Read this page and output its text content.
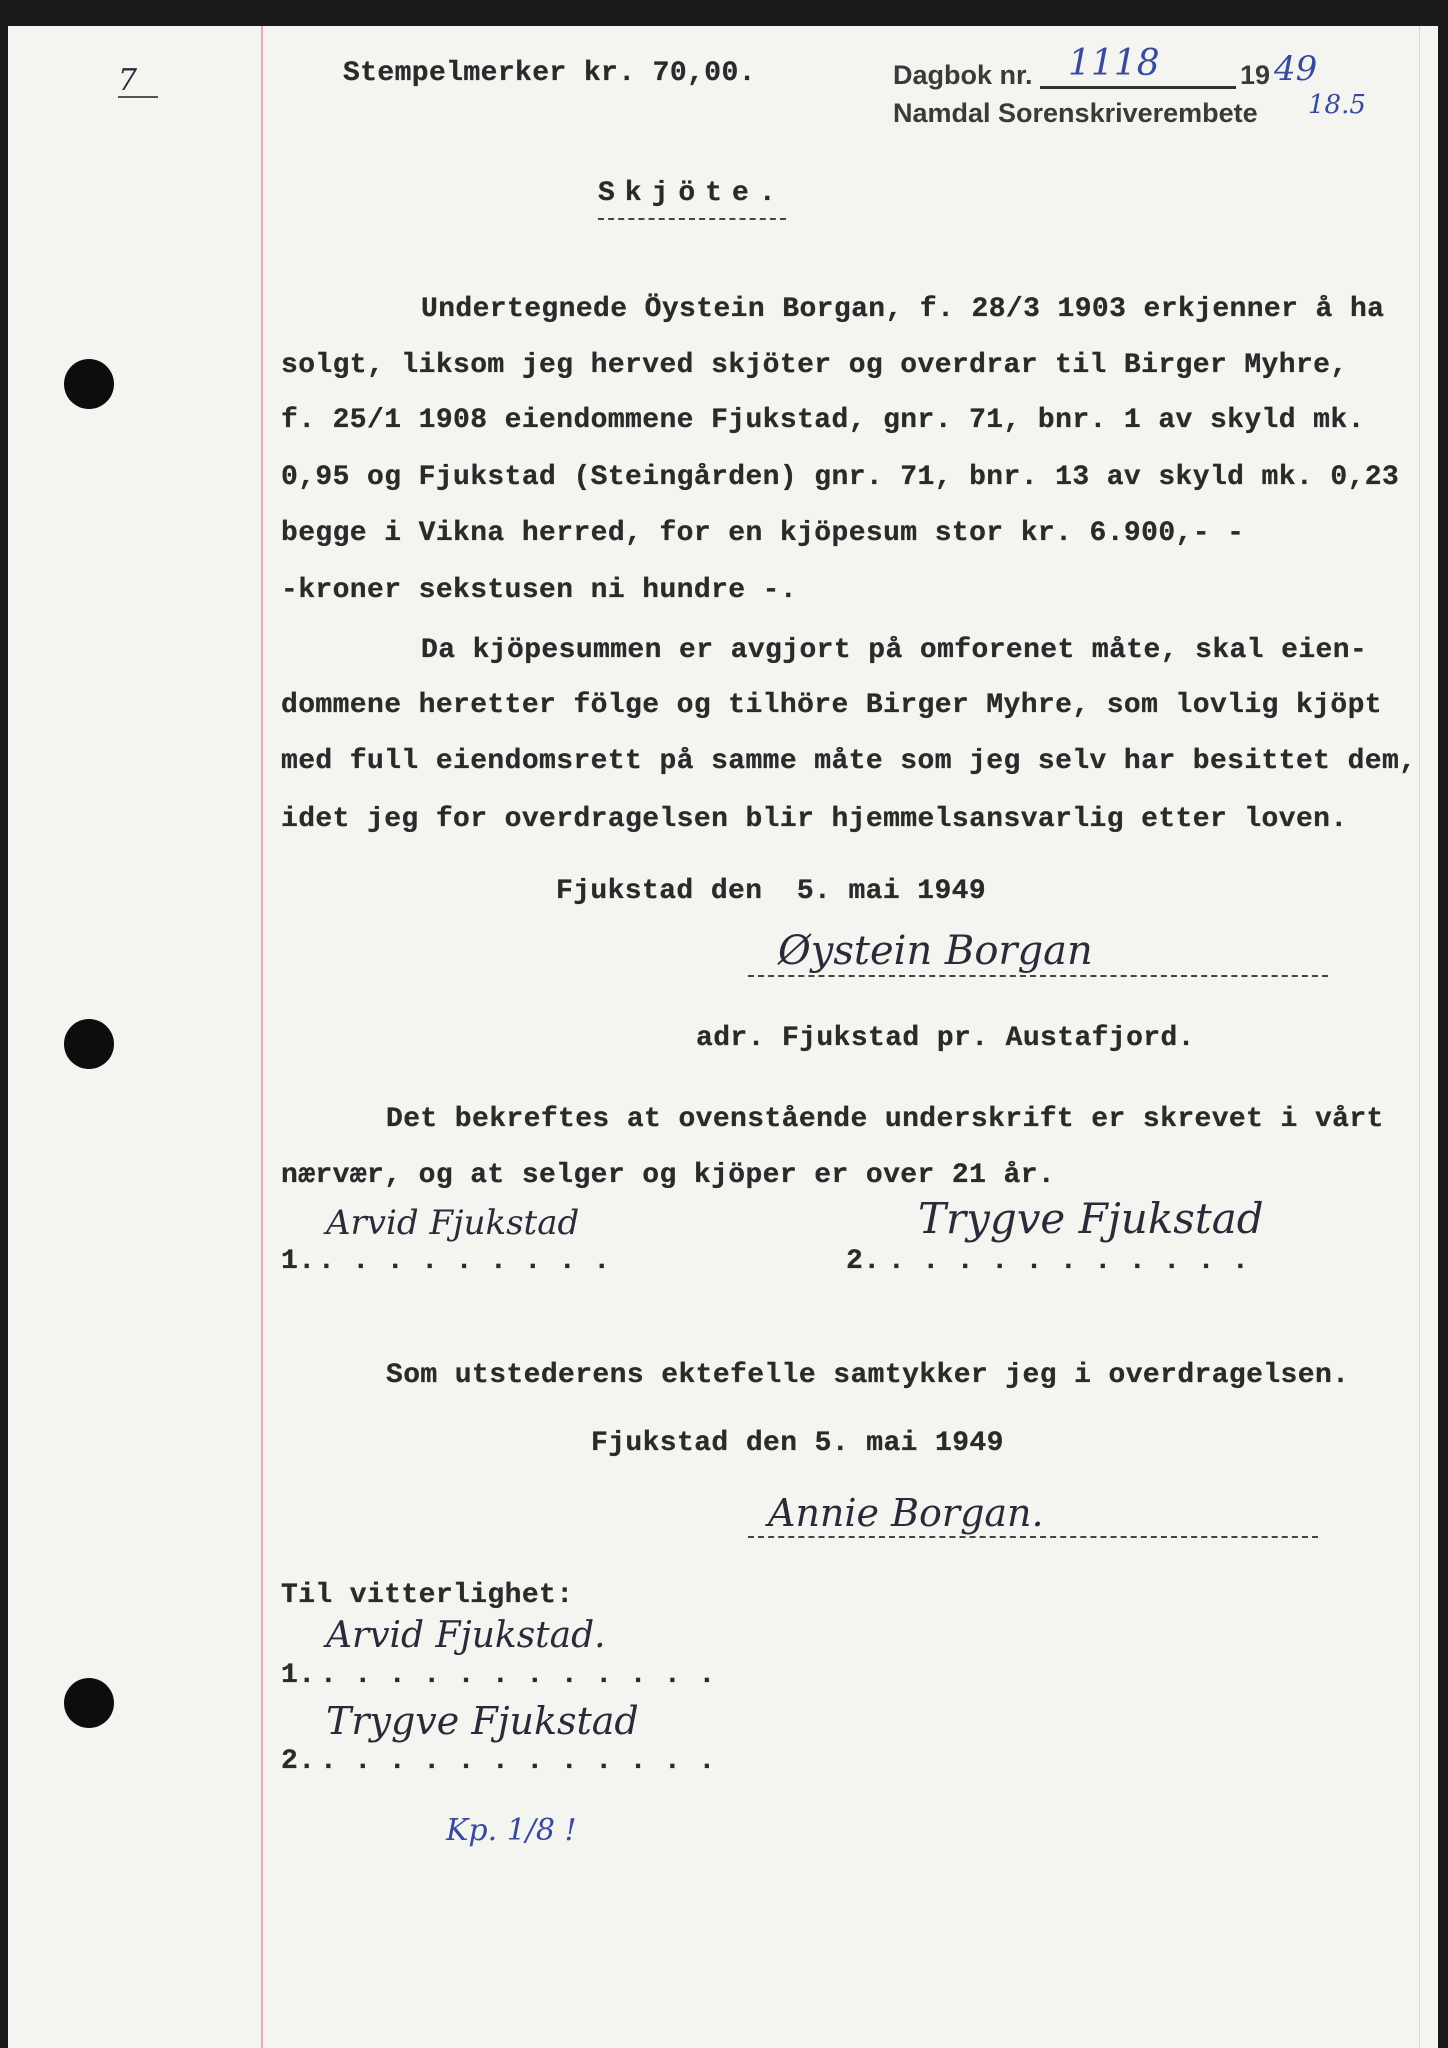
7	Stempelmerker kr. 70,00.	Dagbok nr. 1118	19 49
18.5
Namdal Sorenskriverembete
Skjöte.
Undertegnede Öystein Borgan, f. 28/3 1903 erkjenner å ha
solgt, liksom jeg herved skjöter og overdrar til Birger Myhre,
f. 25/1 1908 eiendommene Fjukstad, gnr. 71, bnr. 1 av skyld mk.
0,95 og Fjukstad (Steingården) gnr. 71, bnr. 13 av skyld mk. 0,23
begge i Vikna herred, for en kjöpesum stor kr. 6.900,- -
-kroner sekstusen ni hundre -.
Da kjöpesummen er avgjort på omforenet måte, skal eien-
dommene heretter fölge og tilhöre Birger Myhre, som lovlig kjöpt
med full eiendomsrett på samme måte som jeg selv har besittet dem,
idet jeg for overdragelsen blir hjemmelsansvarlig etter loven.
Fjukstad den  5. mai 1949
Øystein Borgan
adr. Fjukstad pr. Austafjord.
Det bekreftes at ovenstående underskrift er skrevet i vårt
nærvær, og at selger og kjöper er over 21 år.
1. . . . . . . . . .
Arvid Fjukstad
2. . . . . . . . . . . .
Trygve Fjukstad
Som utstederens ektefelle samtykker jeg i overdragelsen.
Fjukstad den 5. mai 1949
Annie Borgan.
Til vitterlighet:
Arvid Fjukstad.
1. . . . . . . . . . . . .
Trygve Fjukstad
2. . . . . . . . . . . . .
Kp. 1/8 !
